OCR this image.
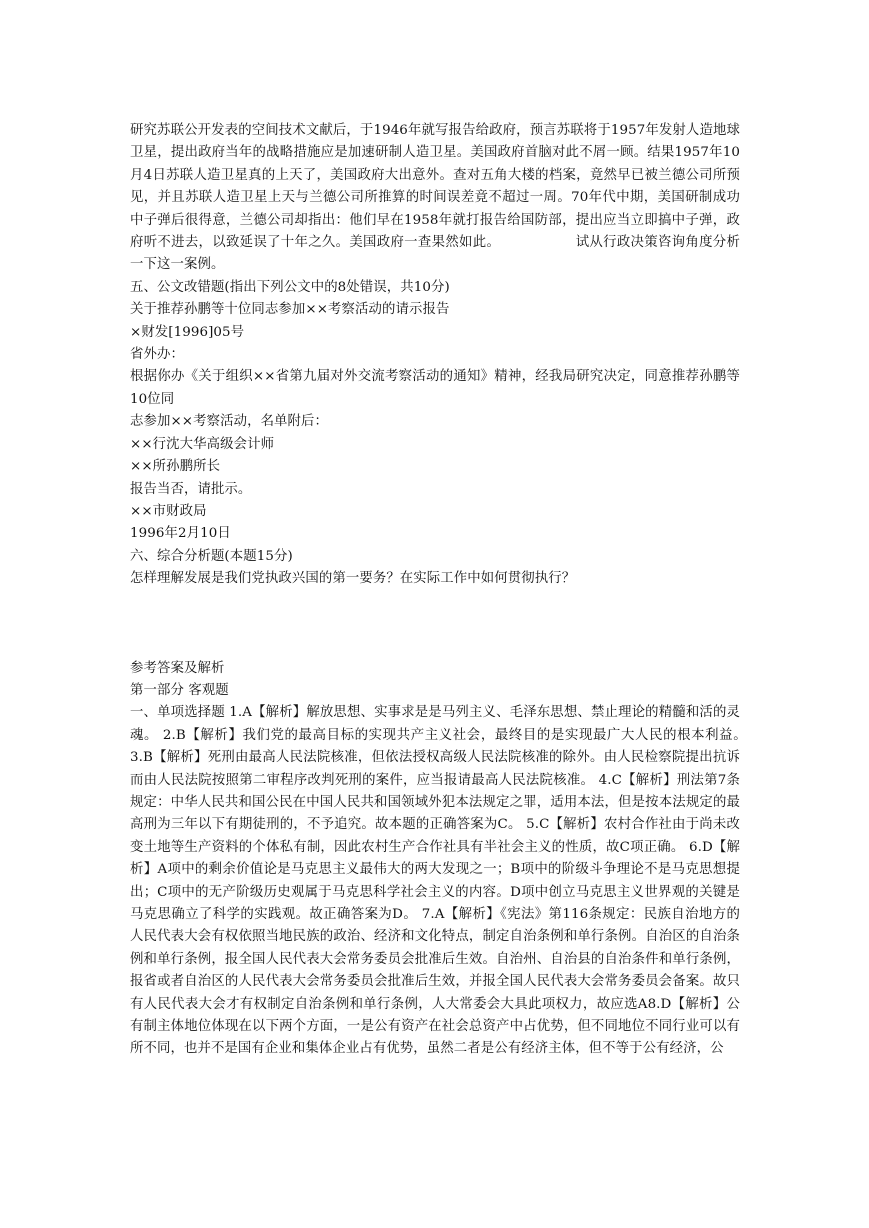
研究苏联公开发表的空间技术文献后，于1946年就写报告给政府，预言苏联将于1957年发射人造地球卫星，提出政府当年的战略措施应是加速研制人造卫星。美国政府首脑对此不屑一顾。结果1957年10月4日苏联人造卫星真的上天了，美国政府大出意外。查对五角大楼的档案，竟然早已被兰德公司所预见，并且苏联人造卫星上天与兰德公司所推算的时间误差竟不超过一周。70年代中期，美国研制成功中子弹后很得意，兰德公司却指出：他们早在1958年就打报告给国防部，提出应当立即搞中子弹，政府听不进去，以致延误了十年之久。美国政府一查果然如此。　　　　　　试从行政决策咨询角度分析一下这一案例。
五、公文改错题(指出下列公文中的8处错误，共10分)
关于推荐孙鹏等十位同志参加××考察活动的请示报告
×财发[1996]05号
省外办：
根据你办《关于组织××省第九届对外交流考察活动的通知》精神，经我局研究决定，同意推荐孙鹏等10位同
志参加××考察活动，名单附后：
××行沈大华高级会计师
××所孙鹏所长
报告当否，请批示。
××市财政局
1996年2月10日
六、综合分析题(本题15分)
怎样理解发展是我们党执政兴国的第一要务？在实际工作中如何贯彻执行？
参考答案及解析
第一部分 客观题
一、单项选择题 1.A【解析】解放思想、实事求是是马列主义、毛泽东思想、禁止理论的精髓和活的灵魂。 2.B【解析】我们党的最高目标的实现共产主义社会，最终目的是实现最广大人民的根本利益。　　3.B【解析】死刑由最高人民法院核准，但依法授权高级人民法院核准的除外。由人民检察院提出抗诉而由人民法院按照第二审程序改判死刑的案件，应当报请最高人民法院核准。 4.C【解析】刑法第7条规定：中华人民共和国公民在中国人民共和国领域外犯本法规定之罪，适用本法，但是按本法规定的最高刑为三年以下有期徒刑的，不予追究。故本题的正确答案为C。 5.C【解析】农村合作社由于尚未改变土地等生产资料的个体私有制，因此农村生产合作社具有半社会主义的性质，故C项正确。 6.D【解析】A项中的剩余价值论是马克思主义最伟大的两大发现之一；B项中的阶级斗争理论不是马克思想提出；C项中的无产阶级历史观属于马克思科学社会主义的内容。D项中创立马克思主义世界观的关键是马克思确立了科学的实践观。故正确答案为D。 7.A【解析】《宪法》第116条规定：民族自治地方的人民代表大会有权依照当地民族的政治、经济和文化特点，制定自治条例和单行条例。自治区的自治条例和单行条例，报全国人民代表大会常务委员会批准后生效。自治州、自治县的自治条件和单行条例，报省或者自治区的人民代表大会常务委员会批准后生效，并报全国人民代表大会常务委员会备案。故只有人民代表大会才有权制定自治条例和单行条例，人大常委会大具此项权力，故应选A8.D【解析】公有制主体地位体现在以下两个方面，一是公有资产在社会总资产中占优势，但不同地位不同行业可以有所不同，也并不是国有企业和集体企业占有优势，虽然二者是公有经济主体，但不等于公有经济，公
